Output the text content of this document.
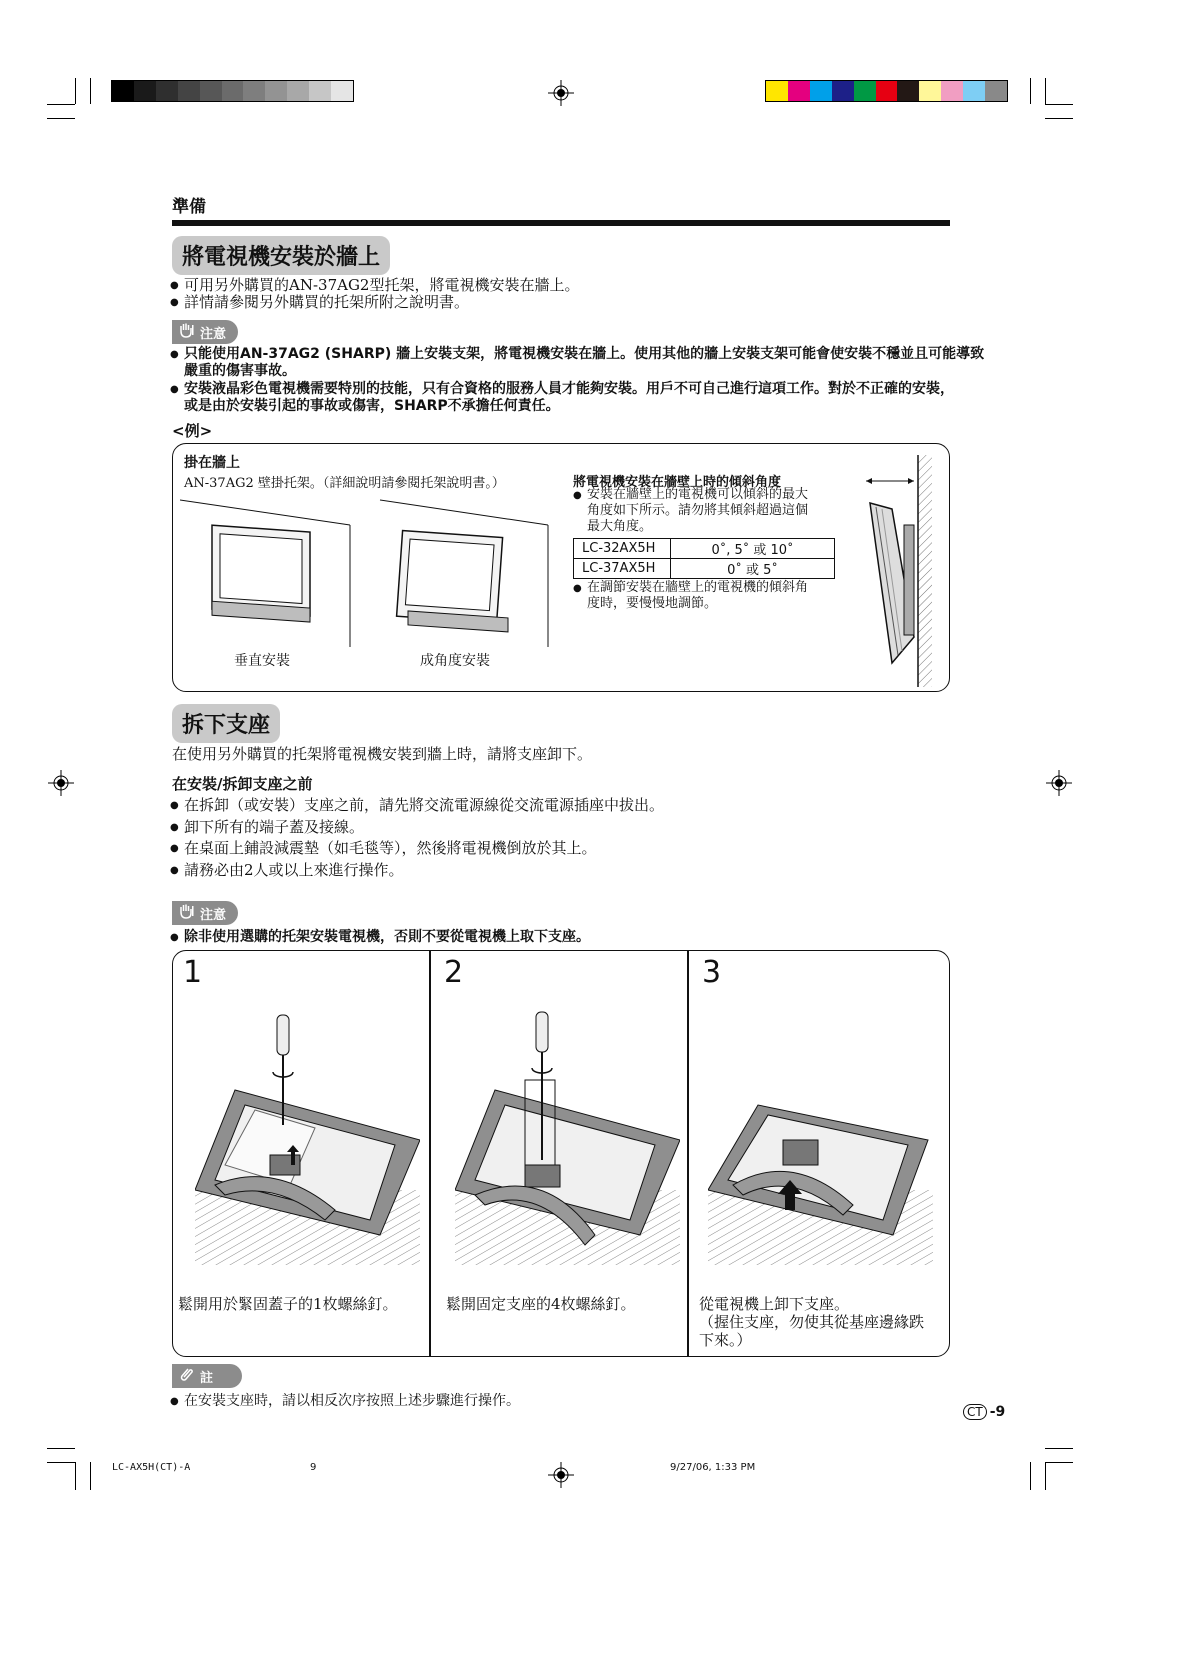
準備
將電視機安裝於牆上
● 可用另外購買的AN-37AG2型托架，將電視機安裝在牆上。
● 詳情請參閱另外購買的托架所附之說明書。
注意
● 只能使用AN-37AG2 (SHARP) 牆上安裝支架，將電視機安裝在牆上。使用其他的牆上安裝支架可能會使安裝不穩並且可能導致
嚴重的傷害事故。
● 安裝液晶彩色電視機需要特別的技能，只有合資格的服務人員才能夠安裝。用戶不可自己進行這項工作。對於不正確的安裝，
或是由於安裝引起的事故或傷害，SHARP不承擔任何責任。
<例>
掛在牆上
AN-37AG2 壁掛托架。（詳細說明請參閱托架說明書。）
垂直安裝	成角度安裝
將電視機安裝在牆壁上時的傾斜角度
● 安裝在牆壁上的電視機可以傾斜的最大
角度如下所示。請勿將其傾斜超過這個
最大角度。
LC-32AX5H	0˚, 5˚ 或 10˚
LC-37AX5H	0˚ 或 5˚
● 在調節安裝在牆壁上的電視機的傾斜角
度時，要慢慢地調節。
拆下支座
在使用另外購買的托架將電視機安裝到牆上時，請將支座卸下。
在安裝/拆卸支座之前
● 在拆卸（或安裝）支座之前，請先將交流電源線從交流電源插座中拔出。
● 卸下所有的端子蓋及接線。
● 在桌面上鋪設減震墊（如毛毯等），然後將電視機倒放於其上。
● 請務必由2人或以上來進行操作。
注意
● 除非使用選購的托架安裝電視機，否則不要從電視機上取下支座。
1	2	3
鬆開用於緊固蓋子的1枚螺絲釘。	鬆開固定支座的4枚螺絲釘。	從電視機上卸下支座。
（握住支座，勿使其從基座邊緣跌
下來。）
註
● 在安裝支座時，請以相反次序按照上述步驟進行操作。
CT -9
LC-AX5H(CT)-A	9	9/27/06, 1:33 PM
